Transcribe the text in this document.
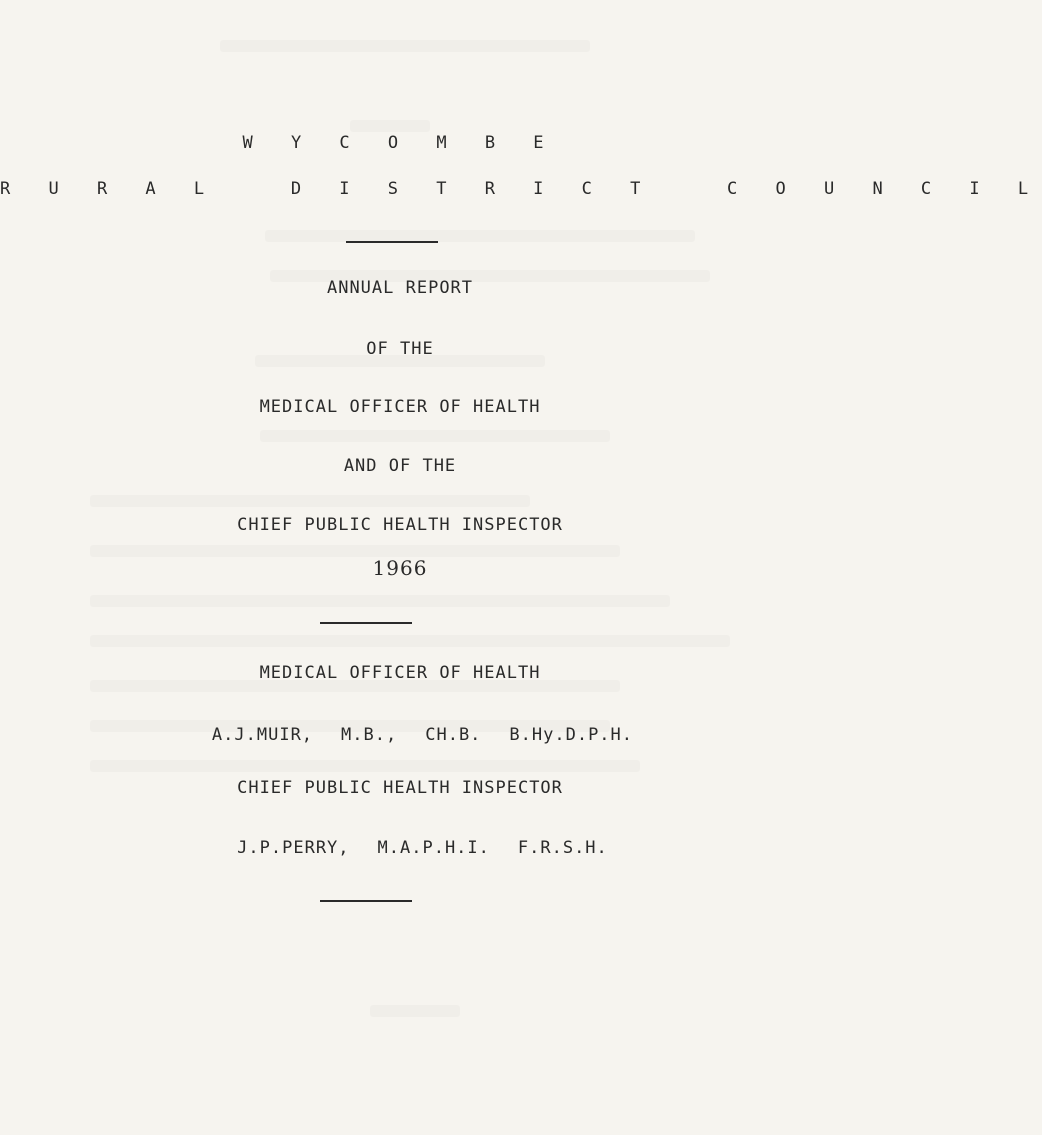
W Y C O M B E
R U R A L   D I S T R I C T   C O U N C I L
ANNUAL REPORT
OF THE
MEDICAL OFFICER OF HEALTH
AND OF THE
CHIEF PUBLIC HEALTH INSPECTOR
1966
MEDICAL OFFICER OF HEALTH

A.J.MUIR, M.B., CH.B. B.Hy.D.P.H.

CHIEF PUBLIC HEALTH INSPECTOR

J.P.PERRY, M.A.P.H.I. F.R.S.H.
